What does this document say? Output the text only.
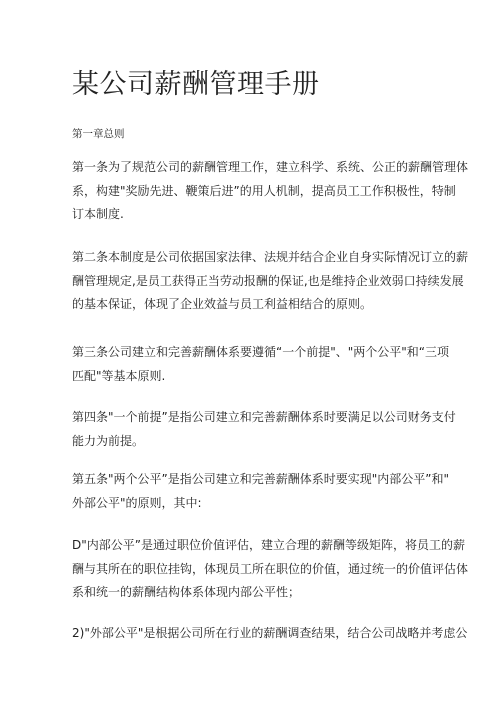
某公司薪酬管理手册

第一章总则

第一条为了规范公司的薪酬管理工作，建立科学、系统、公正的薪酬管理体
系，构建"奖励先进、鞭策后进”的用人机制，提高员工工作积极性，特制
订本制度.

第二条本制度是公司依据国家法律、法规并结合企业自身实际情况订立的薪
酬管理规定,是员工获得正当劳动报酬的保证,也是维持企业效弱口持续发展
的基本保证，体现了企业效益与员工利益相结合的原则。

第三条公司建立和完善薪酬体系要遵循“一个前提"、"两个公平"和“三项
匹配"等基本原则.

第四条"一个前提”是指公司建立和完善薪酬体系时要满足以公司财务支付
能力为前提。

第五条"两个公平”是指公司建立和完善薪酬体系时要实现"内部公平”和"
外部公平"的原则，其中:

D"内部公平”是通过职位价值评估，建立合理的薪酬等级矩阵，将员工的薪
酬与其所在的职位挂钩，体现员工所在职位的价值，通过统一的价值评估体
系和统一的薪酬结构体系体现内部公平性；

2)"外部公平"是根据公司所在行业的薪酬调查结果，结合公司战略并考虑公
